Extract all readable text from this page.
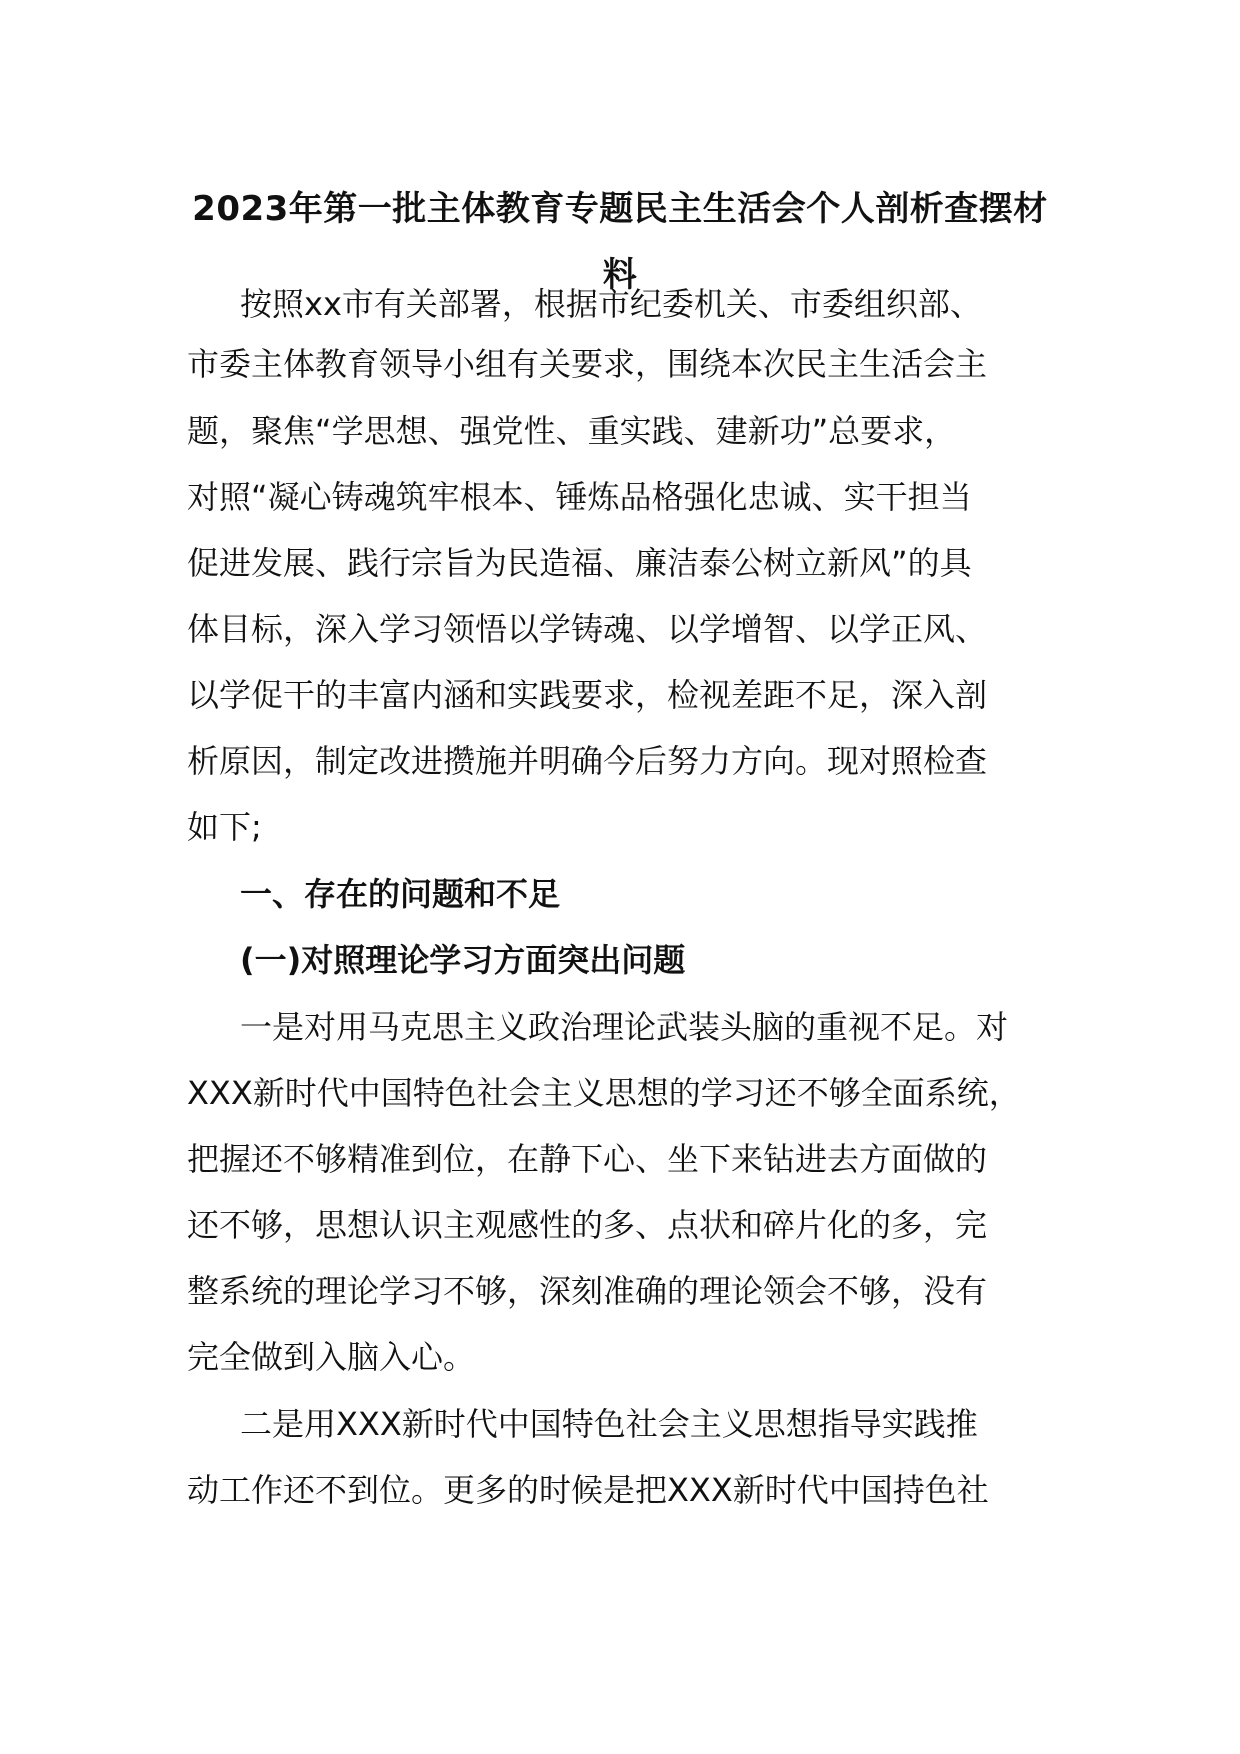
2023年第一批主体教育专题民主生活会个人剖析查摆材
料
按照xx市有关部署，根据市纪委机关、市委组织部、
市委主体教育领导小组有关要求，围绕本次民主生活会主
题，聚焦“学思想、强党性、重实践、建新功”总要求，
对照“凝心铸魂筑牢根本、锤炼品格强化忠诚、实干担当
促进发展、践行宗旨为民造福、廉洁泰公树立新风”的具
体目标，深入学习领悟以学铸魂、以学增智、以学正风、
以学促干的丰富内涵和实践要求，检视差距不足，深入剖
析原因，制定改进攒施并明确今后努力方向。现对照检查
如下;
一、存在的问题和不足
(一)对照理论学习方面突出问题
一是对用马克思主义政治理论武装头脑的重视不足。对
XXX新时代中国特色社会主义思想的学习还不够全面系统，
把握还不够精准到位，在静下心、坐下来钻进去方面做的
还不够，思想认识主观感性的多、点状和碎片化的多，完
整系统的理论学习不够，深刻准确的理论领会不够，没有
完全做到入脑入心。
二是用XXX新时代中国特色社会主义思想指导实践推
动工作还不到位。更多的时候是把XXX新时代中国持色社
